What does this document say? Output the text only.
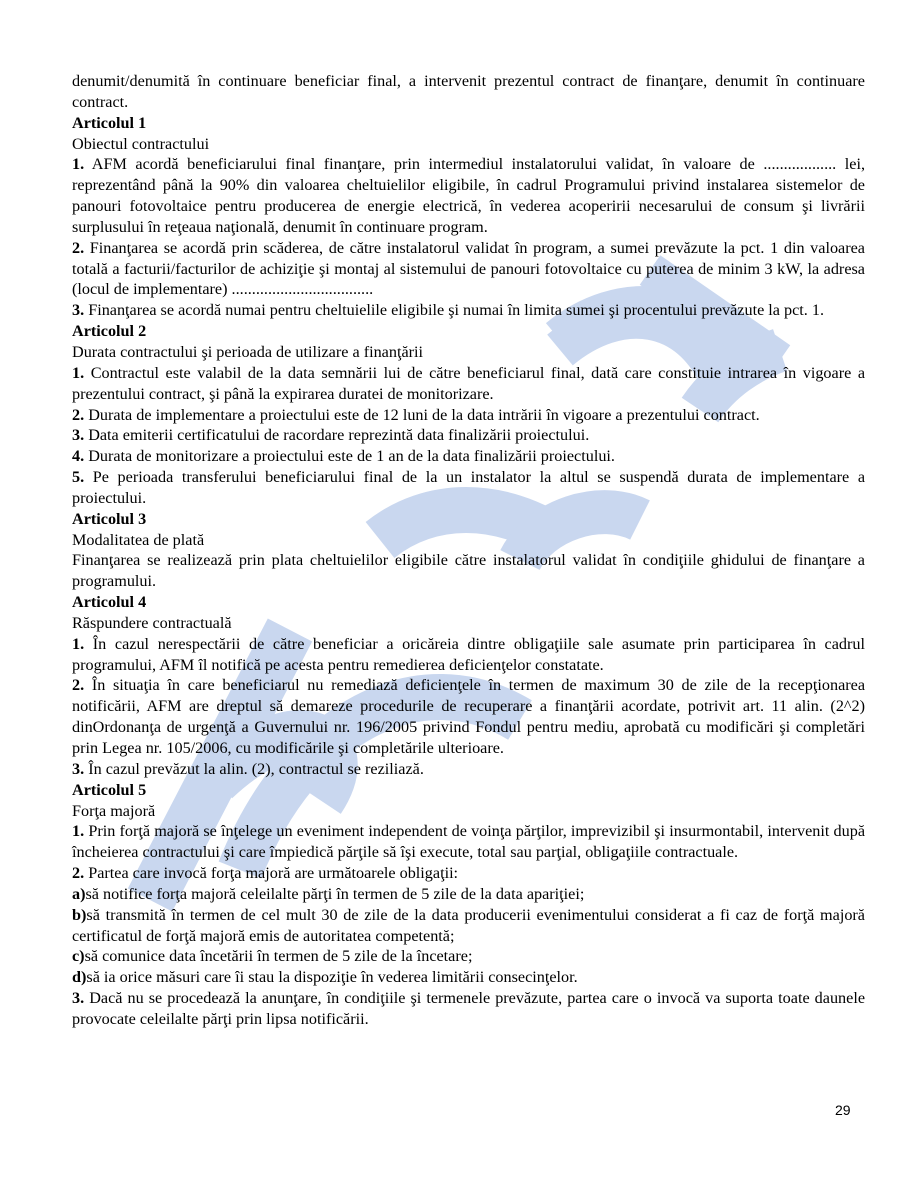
denumit/denumită în continuare beneficiar final, a intervenit prezentul contract de finanţare, denumit în continuare contract.

Articolul 1

Obiectul contractului

1. AFM acordă beneficiarului final finanţare, prin intermediul instalatorului validat, în valoare de .................. lei, reprezentând până la 90% din valoarea cheltuielilor eligibile, în cadrul Programului privind instalarea sistemelor de panouri fotovoltaice pentru producerea de energie electrică, în vederea acoperirii necesarului de consum şi livrării surplusului în reţeaua naţională, denumit în continuare program.

2. Finanţarea se acordă prin scăderea, de către instalatorul validat în program, a sumei prevăzute la pct. 1 din valoarea totală a facturii/facturilor de achiziţie şi montaj al sistemului de panouri fotovoltaice cu puterea de minim 3 kW, la adresa (locul de implementare) ...................................

3. Finanţarea se acordă numai pentru cheltuielile eligibile şi numai în limita sumei şi procentului prevăzute la pct. 1.

Articolul 2

Durata contractului şi perioada de utilizare a finanţării

1. Contractul este valabil de la data semnării lui de către beneficiarul final, dată care constituie intrarea în vigoare a prezentului contract, şi până la expirarea duratei de monitorizare.

2. Durata de implementare a proiectului este de 12 luni de la data intrării în vigoare a prezentului contract.

3. Data emiterii certificatului de racordare reprezintă data finalizării proiectului.

4. Durata de monitorizare a proiectului este de 1 an de la data finalizării proiectului.

5. Pe perioada transferului beneficiarului final de la un instalator la altul se suspendă durata de implementare a proiectului.

Articolul 3

Modalitatea de plată

Finanţarea se realizează prin plata cheltuielilor eligibile către instalatorul validat în condiţiile ghidului de finanţare a programului.

Articolul 4

Răspundere contractuală

1. În cazul nerespectării de către beneficiar a oricăreia dintre obligaţiile sale asumate prin participarea în cadrul programului, AFM îl notifică pe acesta pentru remedierea deficienţelor constatate.

2. În situaţia în care beneficiarul nu remediază deficienţele în termen de maximum 30 de zile de la recepţionarea notificării, AFM are dreptul să demareze procedurile de recuperare a finanţării acordate, potrivit art. 11 alin. (2^2) dinOrdonanţa de urgenţă a Guvernului nr. 196/2005 privind Fondul pentru mediu, aprobată cu modificări şi completări prin Legea nr. 105/2006, cu modificările şi completările ulterioare.

3. În cazul prevăzut la alin. (2), contractul se reziliază.

Articolul 5

Forţa majoră

1. Prin forţă majoră se înţelege un eveniment independent de voinţa părţilor, imprevizibil şi insurmontabil, intervenit după încheierea contractului şi care împiedică părţile să îşi execute, total sau parţial, obligaţiile contractuale.

2. Partea care invocă forţa majoră are următoarele obligaţii:

a)să notifice forţa majoră celeilalte părţi în termen de 5 zile de la data apariţiei;

b)să transmită în termen de cel mult 30 de zile de la data producerii evenimentului considerat a fi caz de forţă majoră certificatul de forţă majoră emis de autoritatea competentă;

c)să comunice data încetării în termen de 5 zile de la încetare;

d)să ia orice măsuri care îi stau la dispoziţie în vederea limitării consecinţelor.

3. Dacă nu se procedează la anunţare, în condiţiile şi termenele prevăzute, partea care o invocă va suporta toate daunele provocate celeilalte părţi prin lipsa notificării.

29
